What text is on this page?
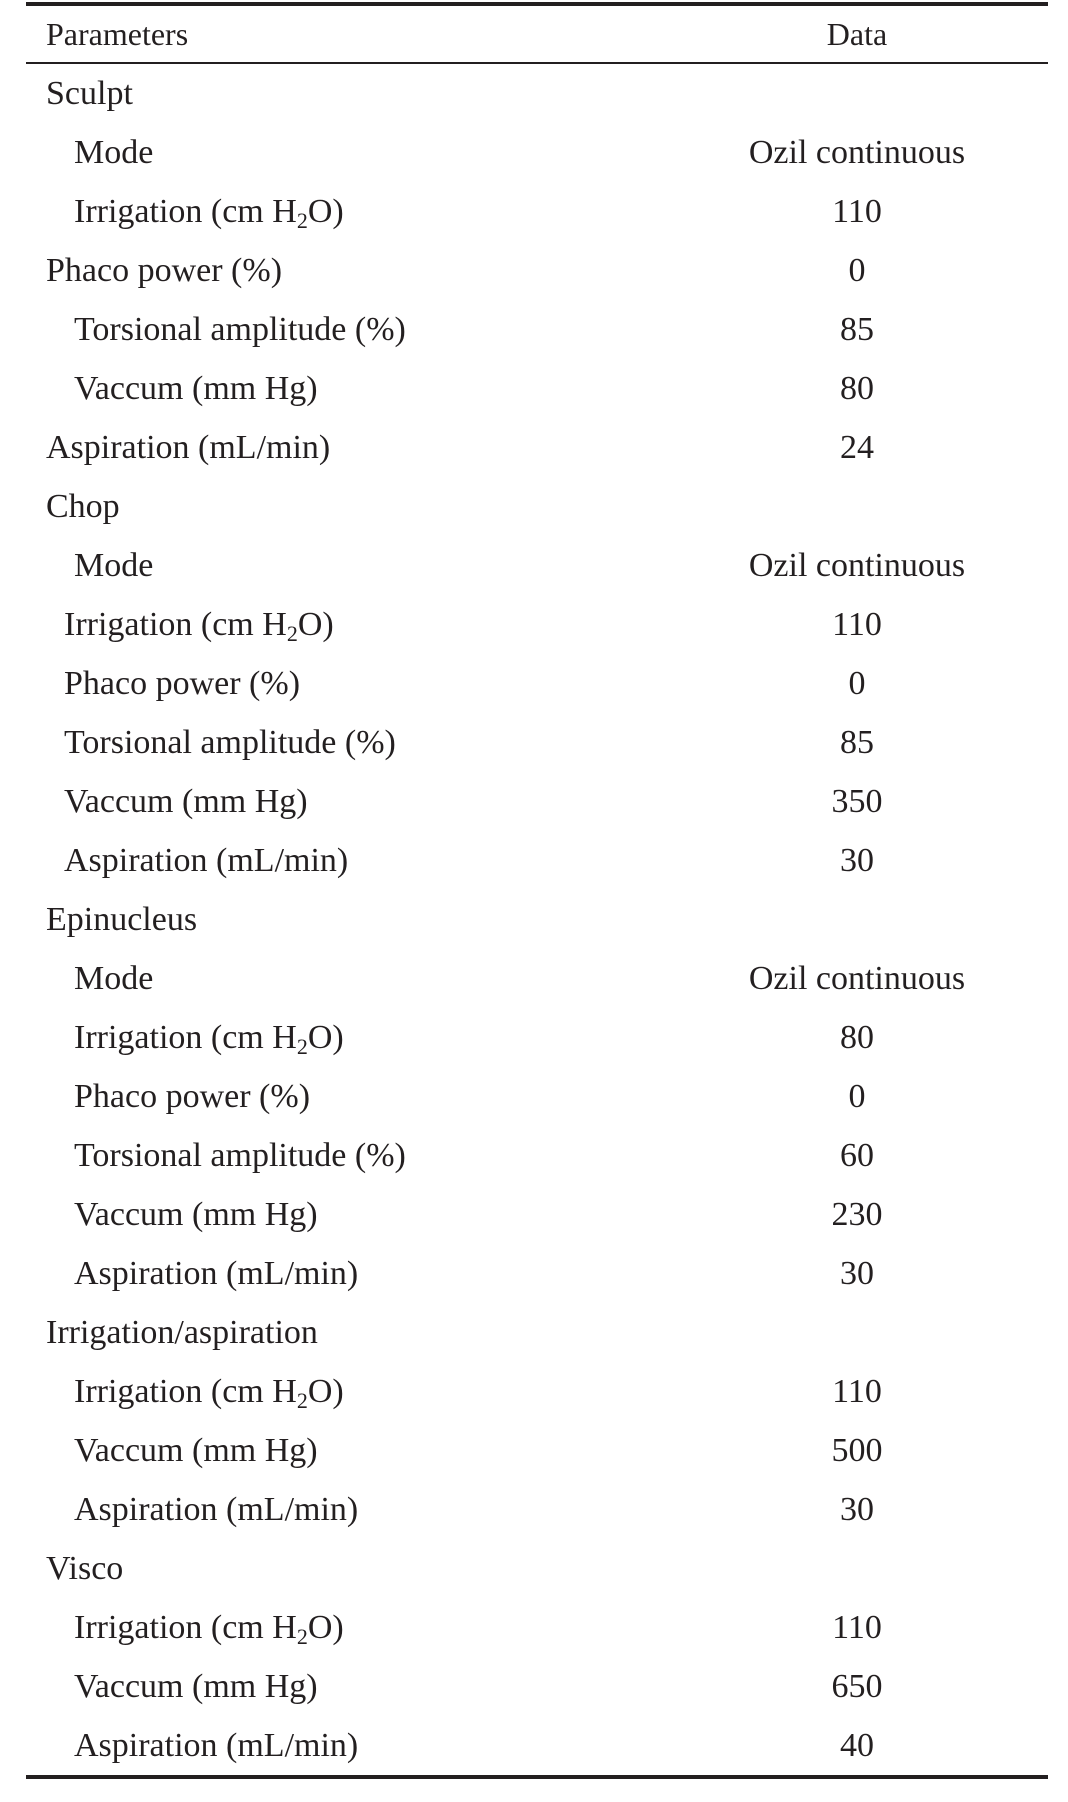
Parameters	Data
Sculpt
Mode	Ozil continuous
Irrigation (cm $H_2O$)	110
Phaco power (%)	0
Torsional amplitude (%)	85
Vaccum (mm Hg)	80
Aspiration (mL/min)	24
Chop
Mode	Ozil continuous
Irrigation (cm $H_2O$)	110
Phaco power (%)	0
Torsional amplitude (%)	85
Vaccum (mm Hg)	350
Aspiration (mL/min)	30
Epinucleus
Mode	Ozil continuous
Irrigation (cm $H_2O$)	80
Phaco power (%)	0
Torsional amplitude (%)	60
Vaccum (mm Hg)	230
Aspiration (mL/min)	30
Irrigation/aspiration
Irrigation (cm $H_2O$)	110
Vaccum (mm Hg)	500
Aspiration (mL/min)	30
Visco
Irrigation (cm $H_2O$)	110
Vaccum (mm Hg)	650
Aspiration (mL/min)	40
